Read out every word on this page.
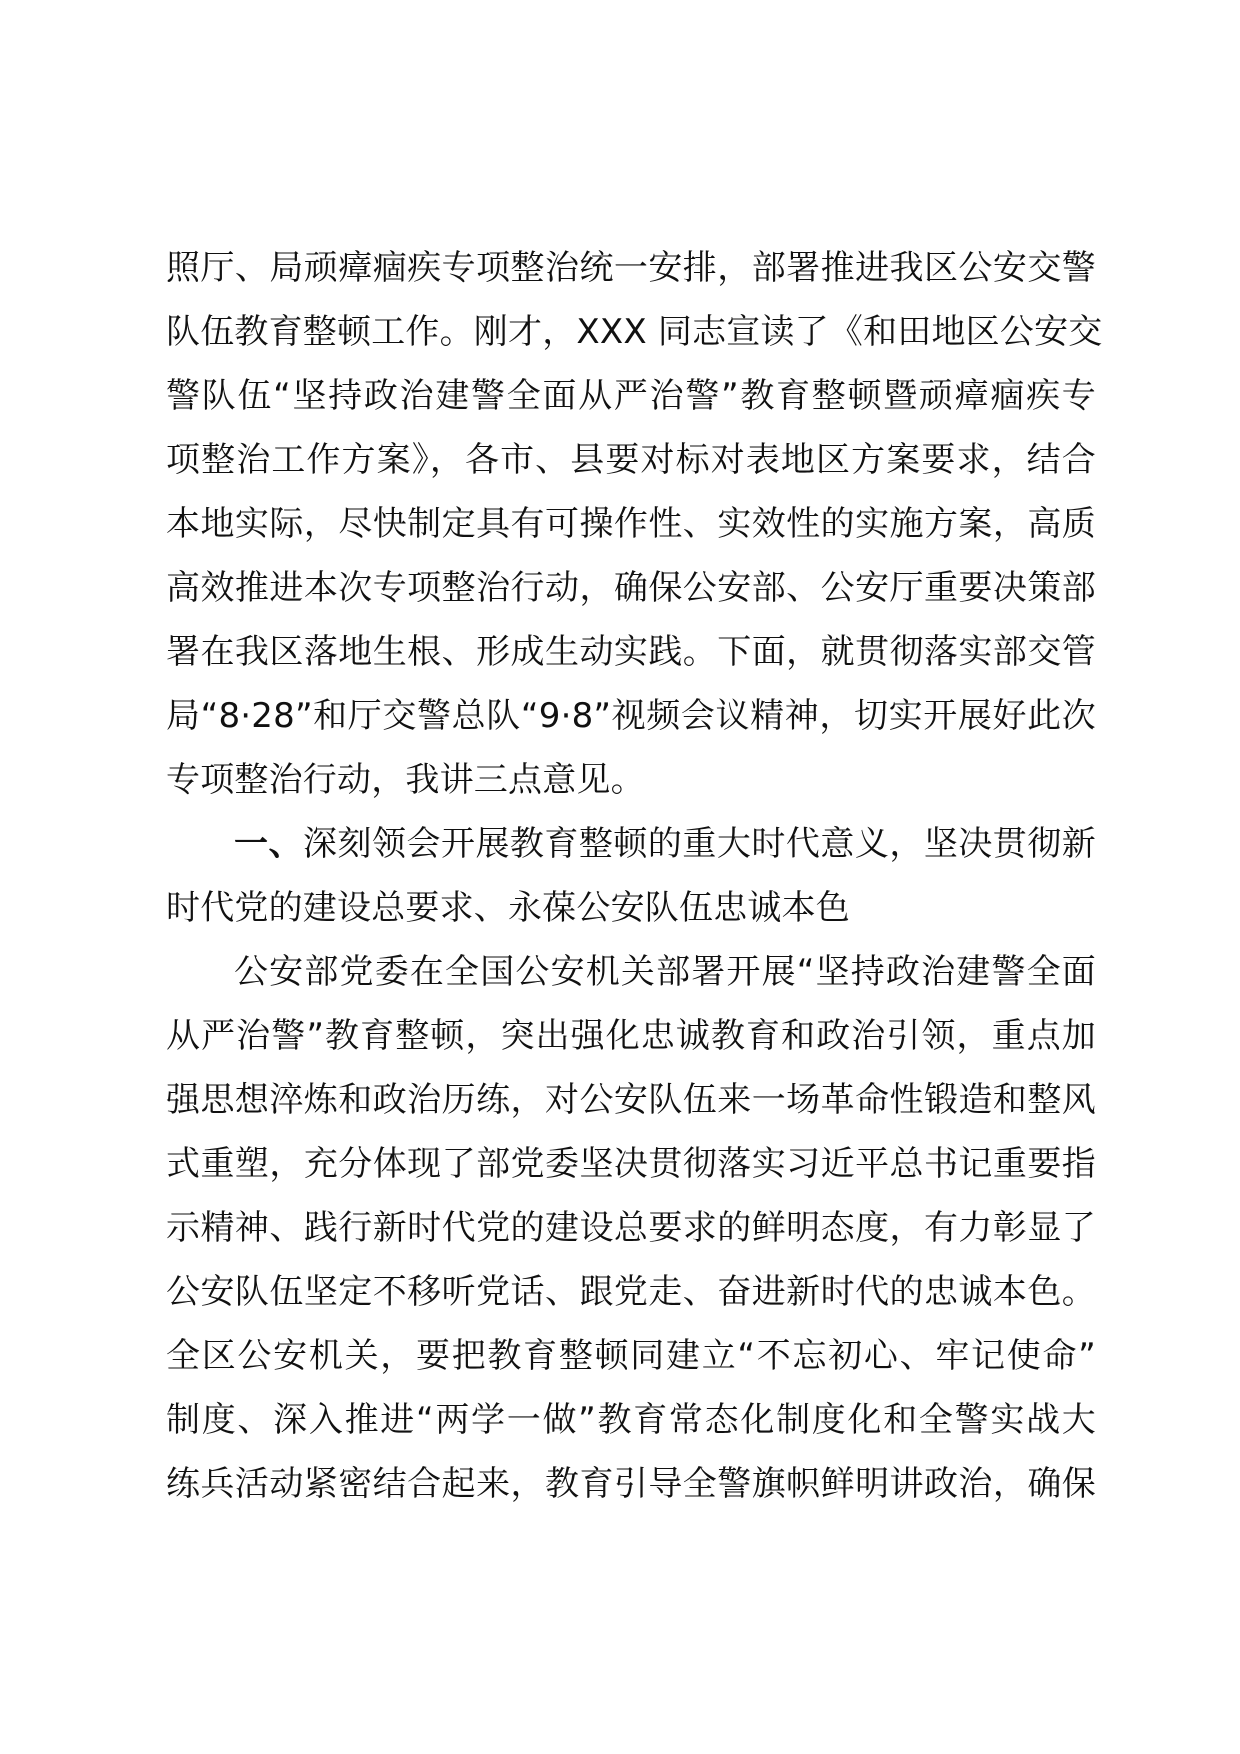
照厅、局顽瘴痼疾专项整治统一安排，部署推进我区公安交警
队伍教育整顿工作。刚才，XXX 同志宣读了《和田地区公安交
警队伍“坚持政治建警全面从严治警”教育整顿暨顽瘴痼疾专
项整治工作方案》，各市、县要对标对表地区方案要求，结合
本地实际，尽快制定具有可操作性、实效性的实施方案，高质
高效推进本次专项整治行动，确保公安部、公安厅重要决策部
署在我区落地生根、形成生动实践。下面，就贯彻落实部交管
局“8·28”和厅交警总队“9·8”视频会议精神，切实开展好此次
专项整治行动，我讲三点意见。
一、深刻领会开展教育整顿的重大时代意义，坚决贯彻新
时代党的建设总要求、永葆公安队伍忠诚本色
公安部党委在全国公安机关部署开展“坚持政治建警全面
从严治警”教育整顿，突出强化忠诚教育和政治引领，重点加
强思想淬炼和政治历练，对公安队伍来一场革命性锻造和整风
式重塑，充分体现了部党委坚决贯彻落实习近平总书记重要指
示精神、践行新时代党的建设总要求的鲜明态度，有力彰显了
公安队伍坚定不移听党话、跟党走、奋进新时代的忠诚本色。
全区公安机关，要把教育整顿同建立“不忘初心、牢记使命”
制度、深入推进“两学一做”教育常态化制度化和全警实战大
练兵活动紧密结合起来，教育引导全警旗帜鲜明讲政治，确保
